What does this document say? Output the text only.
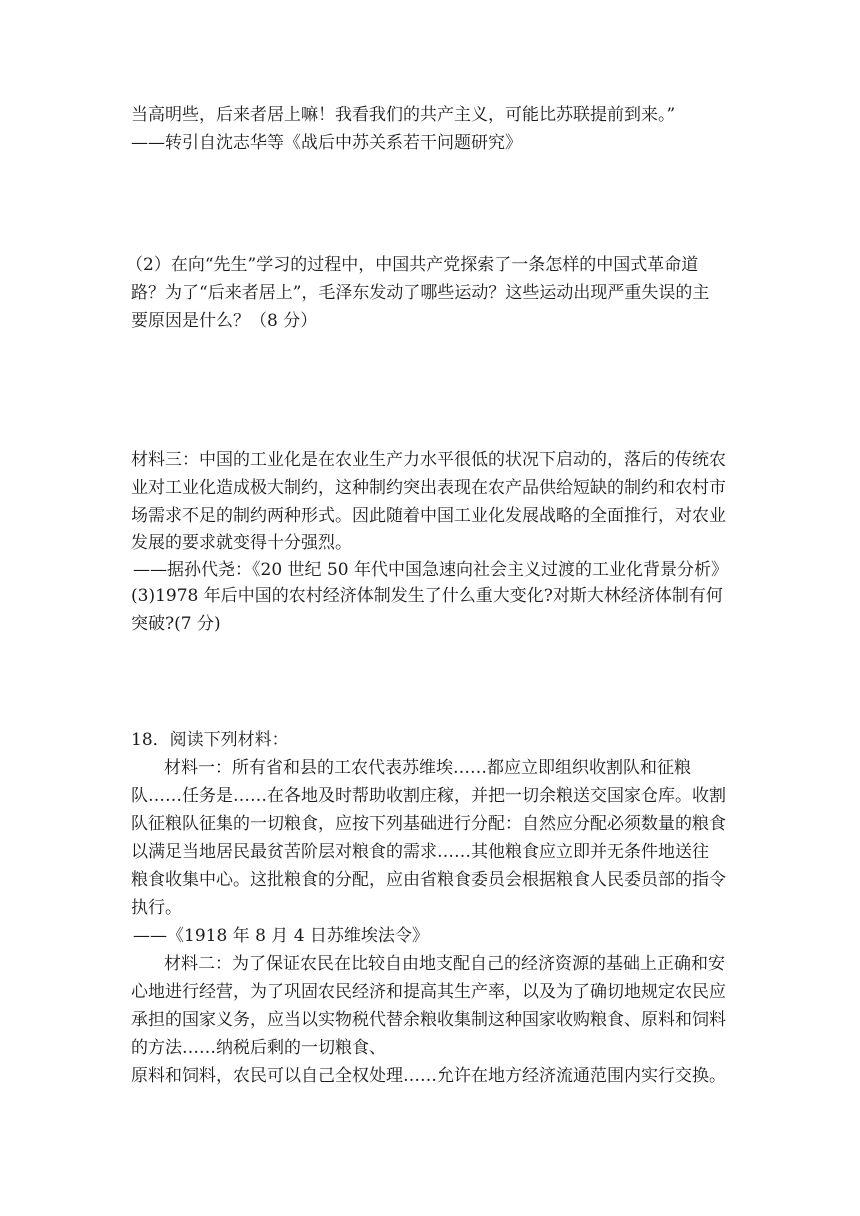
当高明些，后来者居上嘛！我看我们的共产主义，可能比苏联提前到来。”
——转引自沈志华等《战后中苏关系若干问题研究》
（2）在向“先生”学习的过程中，中国共产党探索了一条怎样的中国式革命道
路？为了“后来者居上”，毛泽东发动了哪些运动？这些运动出现严重失误的主
要原因是什么？（8 分）
材料三：中国的工业化是在农业生产力水平很低的状况下启动的，落后的传统农
业对工业化造成极大制约，这种制约突出表现在农产品供给短缺的制约和农村市
场需求不足的制约两种形式。因此随着中国工业化发展战略的全面推行，对农业
发展的要求就变得十分强烈。
——据孙代尧：《20 世纪 50 年代中国急速向社会主义过渡的工业化背景分析》
(3)1978 年后中国的农村经济体制发生了什么重大变化?对斯大林经济体制有何
突破?(7 分)
18．阅读下列材料：
材料一：所有省和县的工农代表苏维埃……都应立即组织收割队和征粮
队……任务是……在各地及时帮助收割庄稼，并把一切余粮送交国家仓库。收割
队征粮队征集的一切粮食，应按下列基础进行分配：自然应分配必须数量的粮食
以满足当地居民最贫苦阶层对粮食的需求……其他粮食应立即并无条件地送往
粮食收集中心。这批粮食的分配，应由省粮食委员会根据粮食人民委员部的指令
执行。
——《1918 年 8 月 4 日苏维埃法令》
材料二：为了保证农民在比较自由地支配自己的经济资源的基础上正确和安
心地进行经营，为了巩固农民经济和提高其生产率，以及为了确切地规定农民应
承担的国家义务，应当以实物税代替余粮收集制这种国家收购粮食、原料和饲料
的方法……纳税后剩的一切粮食、
原料和饲料，农民可以自己全权处理……允许在地方经济流通范围内实行交换。
